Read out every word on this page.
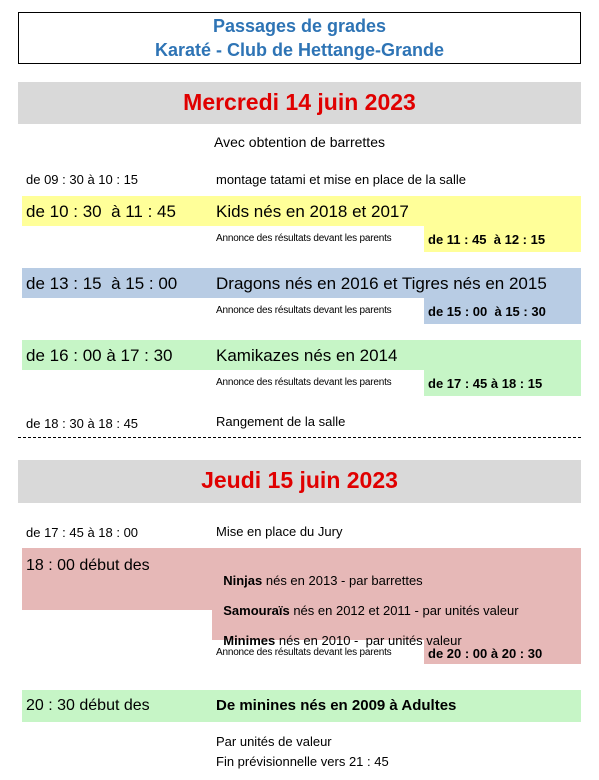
Passages de grades

Karaté - Club de Hettange-Grande

Mercredi 14 juin 2023

Avec obtention de barrettes
de 09 : 30 à 10 : 15	montage tatami et mise en place de la salle
de 10 : 30  à 11 : 45 Kids nés en 2018 et 2017
Annonce des résultats devant les parents	de 11 : 45  à 12 : 15
de 13 : 15  à 15 : 00 Dragons nés en 2016 et Tigres nés en 2015
Annonce des résultats devant les parents	de 15 : 00  à 15 : 30
de 16 : 00 à 17 : 30	Kamikazes nés en 2014
Annonce des résultats devant les parents	de 17 : 45 à 18 : 15
de 18 : 30 à 18 : 45	Rangement de la salle

Jeudi 15 juin 2023

de 17 : 45 à 18 : 00	Mise en place du Jury
18 : 00 début des

Ninjas nés en 2013 - par barrettes

Samouraïs nés en 2012 et 2011 - par unités valeur

Minimes nés en 2010 -  par unités valeur

Annonce des résultats devant les parents	de 20 : 00 à 20 : 30
20 : 30 début des	De minines nés en 2009 à Adultes
Par unités de valeur
Fin prévisionnelle vers 21 : 45
